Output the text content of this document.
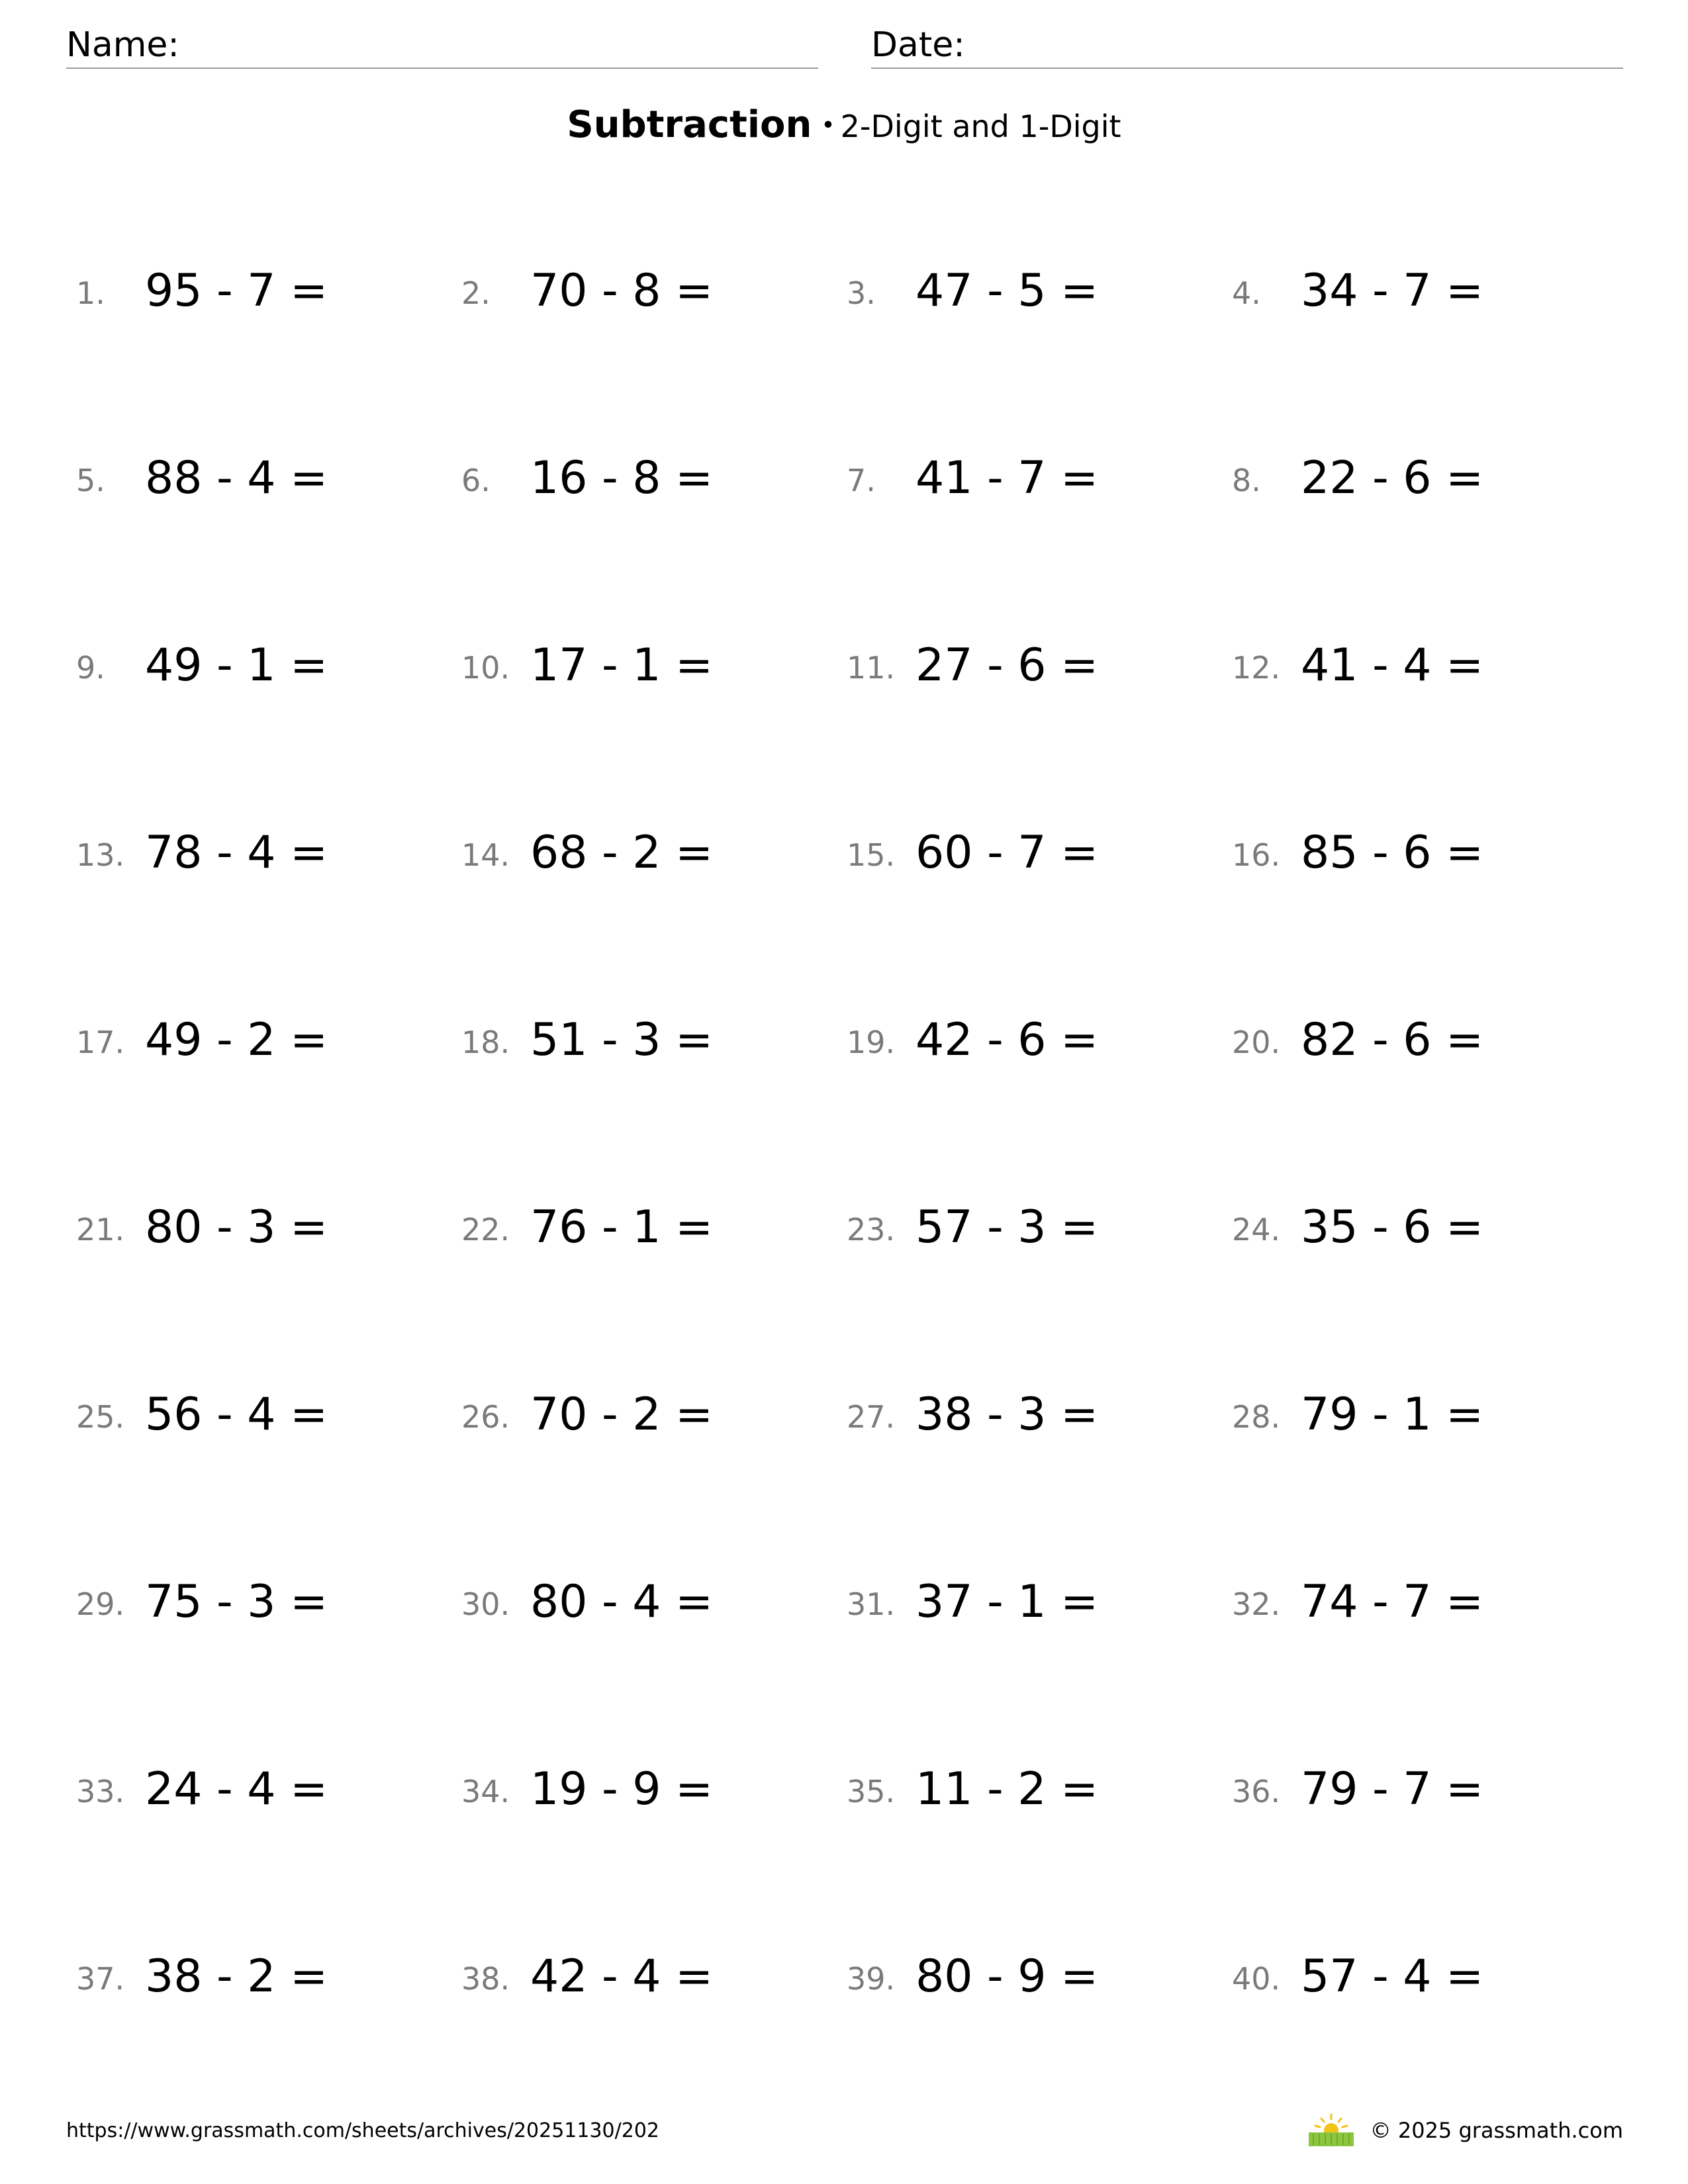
Name:	Date:
Subtraction • 2-Digit and 1-Digit
1. 95 - 7 =	2. 70 - 8 =	3. 47 - 5 =	4. 34 - 7 =
5. 88 - 4 =	6. 16 - 8 =	7. 41 - 7 =	8. 22 - 6 =
9. 49 - 1 =	10. 17 - 1 =	11. 27 - 6 =	12. 41 - 4 =
13. 78 - 4 =	14. 68 - 2 =	15. 60 - 7 =	16. 85 - 6 =
17. 49 - 2 =	18. 51 - 3 =	19. 42 - 6 =	20. 82 - 6 =
21. 80 - 3 =	22. 76 - 1 =	23. 57 - 3 =	24. 35 - 6 =
25. 56 - 4 =	26. 70 - 2 =	27. 38 - 3 =	28. 79 - 1 =
29. 75 - 3 =	30. 80 - 4 =	31. 37 - 1 =	32. 74 - 7 =
33. 24 - 4 =	34. 19 - 9 =	35. 11 - 2 =	36. 79 - 7 =
37. 38 - 2 =	38. 42 - 4 =	39. 80 - 9 =	40. 57 - 4 =
https://www.grassmath.com/sheets/archives/20251130/202	© 2025 grassmath.com
